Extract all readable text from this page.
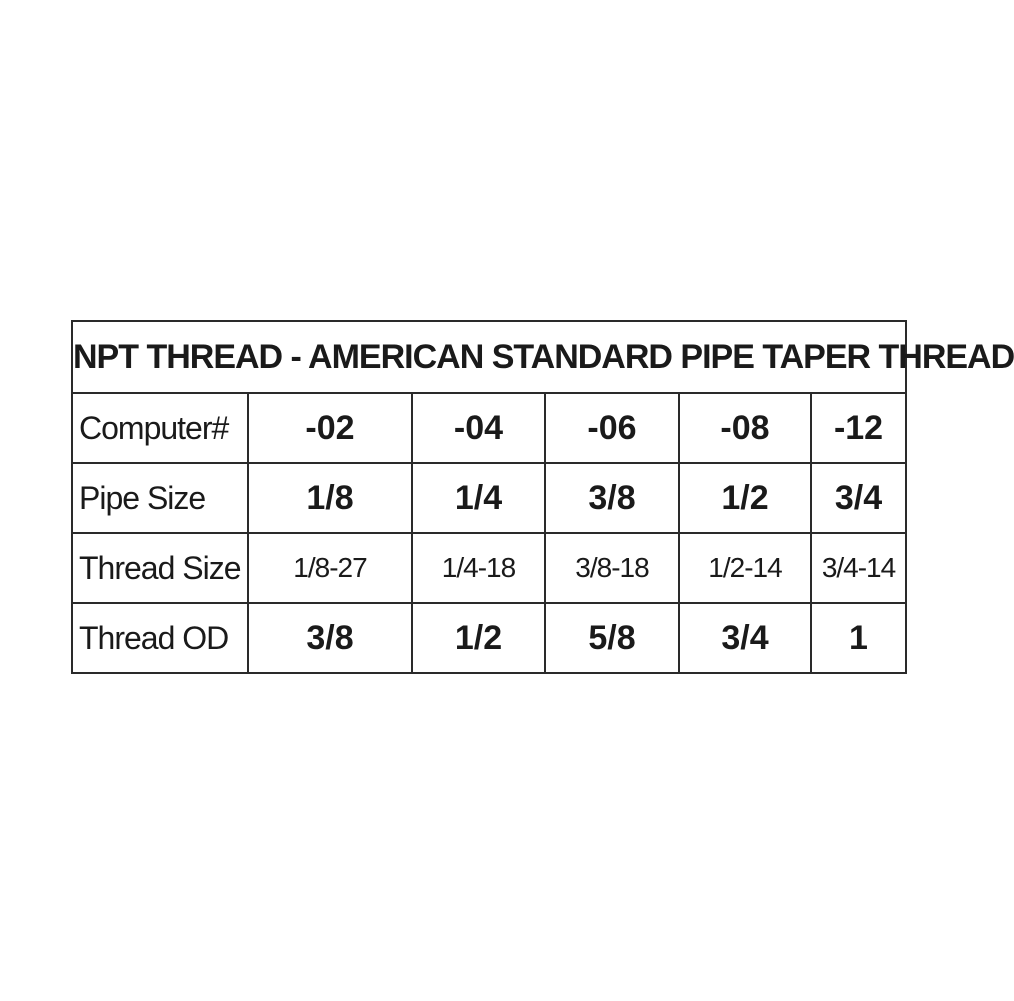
NPT THREAD - AMERICAN STANDARD PIPE TAPER THREAD					
Computer#	-02	-04	-06	-08	-12
Pipe Size	1/8	1/4	3/8	1/2	3/4
Thread Size	1/8-27	1/4-18	3/8-18	1/2-14	3/4-14
Thread OD	3/8	1/2	5/8	3/4	1
